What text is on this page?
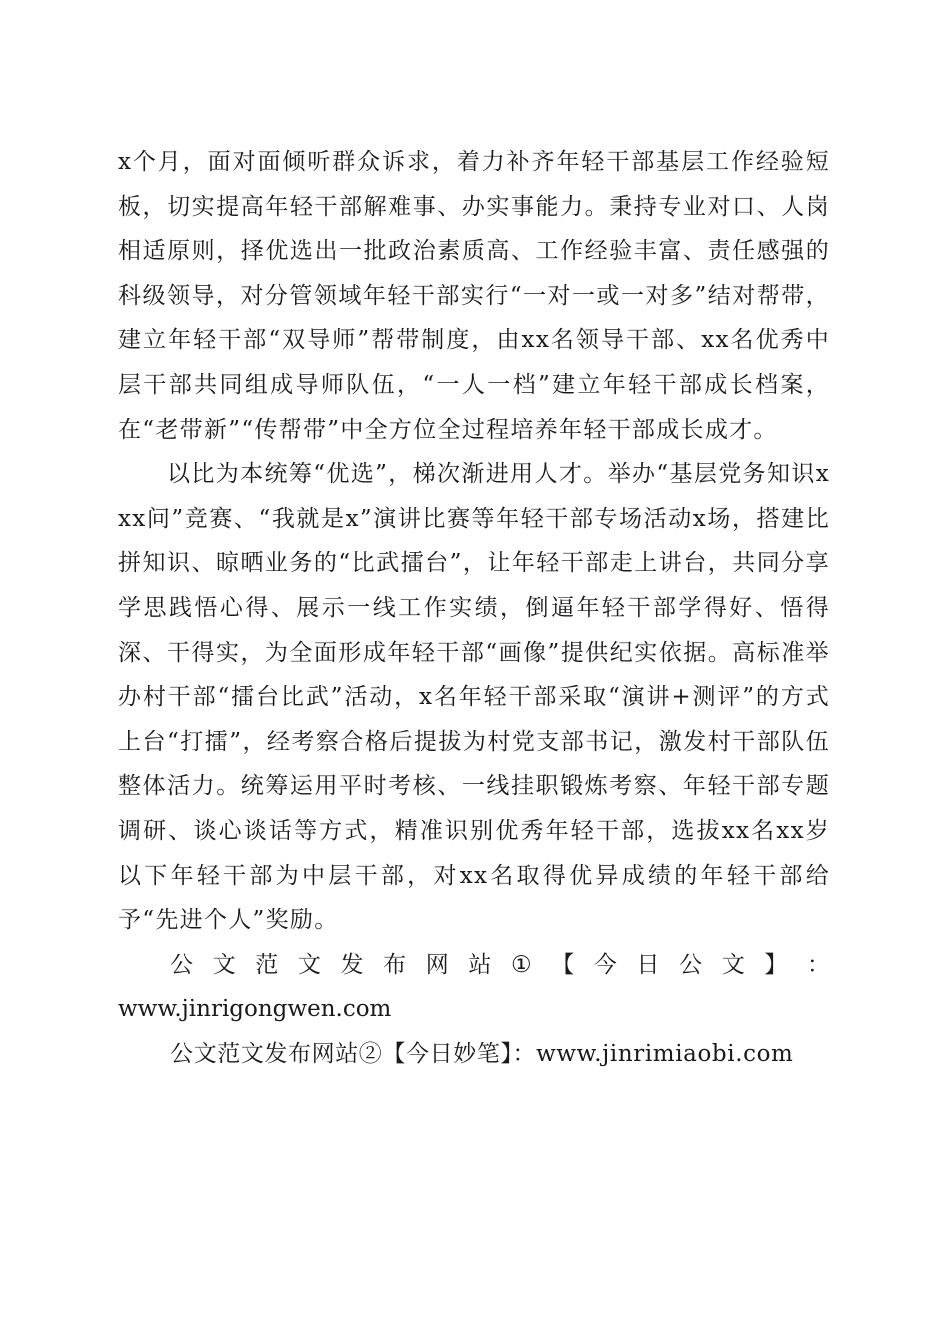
x个月，面对面倾听群众诉求，着力补齐年轻干部基层工作经验短板，切实提高年轻干部解难事、办实事能力。秉持专业对口、人岗相适原则，择优选出一批政治素质高、工作经验丰富、责任感强的科级领导，对分管领域年轻干部实行“一对一或一对多”结对帮带，建立年轻干部“双导师”帮带制度，由xx名领导干部、xx名优秀中层干部共同组成导师队伍，“一人一档”建立年轻干部成长档案，在“老带新”“传帮带”中全方位全过程培养年轻干部成长成才。

以比为本统筹“优选”，梯次渐进用人才。举办“基层党务知识xxx问”竞赛、“我就是x”演讲比赛等年轻干部专场活动x场，搭建比拼知识、晾晒业务的“比武擂台”，让年轻干部走上讲台，共同分享学思践悟心得、展示一线工作实绩，倒逼年轻干部学得好、悟得深、干得实，为全面形成年轻干部“画像”提供纪实依据。高标准举办村干部“擂台比武”活动，x名年轻干部采取“演讲+测评”的方式上台“打擂”，经考察合格后提拔为村党支部书记，激发村干部队伍整体活力。统筹运用平时考核、一线挂职锻炼考察、年轻干部专题调研、谈心谈话等方式，精准识别优秀年轻干部，选拔xx名xx岁以下年轻干部为中层干部，对xx名取得优异成绩的年轻干部给予“先进个人”奖励。

公 文 范 文 发 布 网 站 ① 【 今 日 公 文 】 ：
www.jinrigongwen.com
公文范文发布网站②【今日妙笔】：www.jinrimiaobi.com
